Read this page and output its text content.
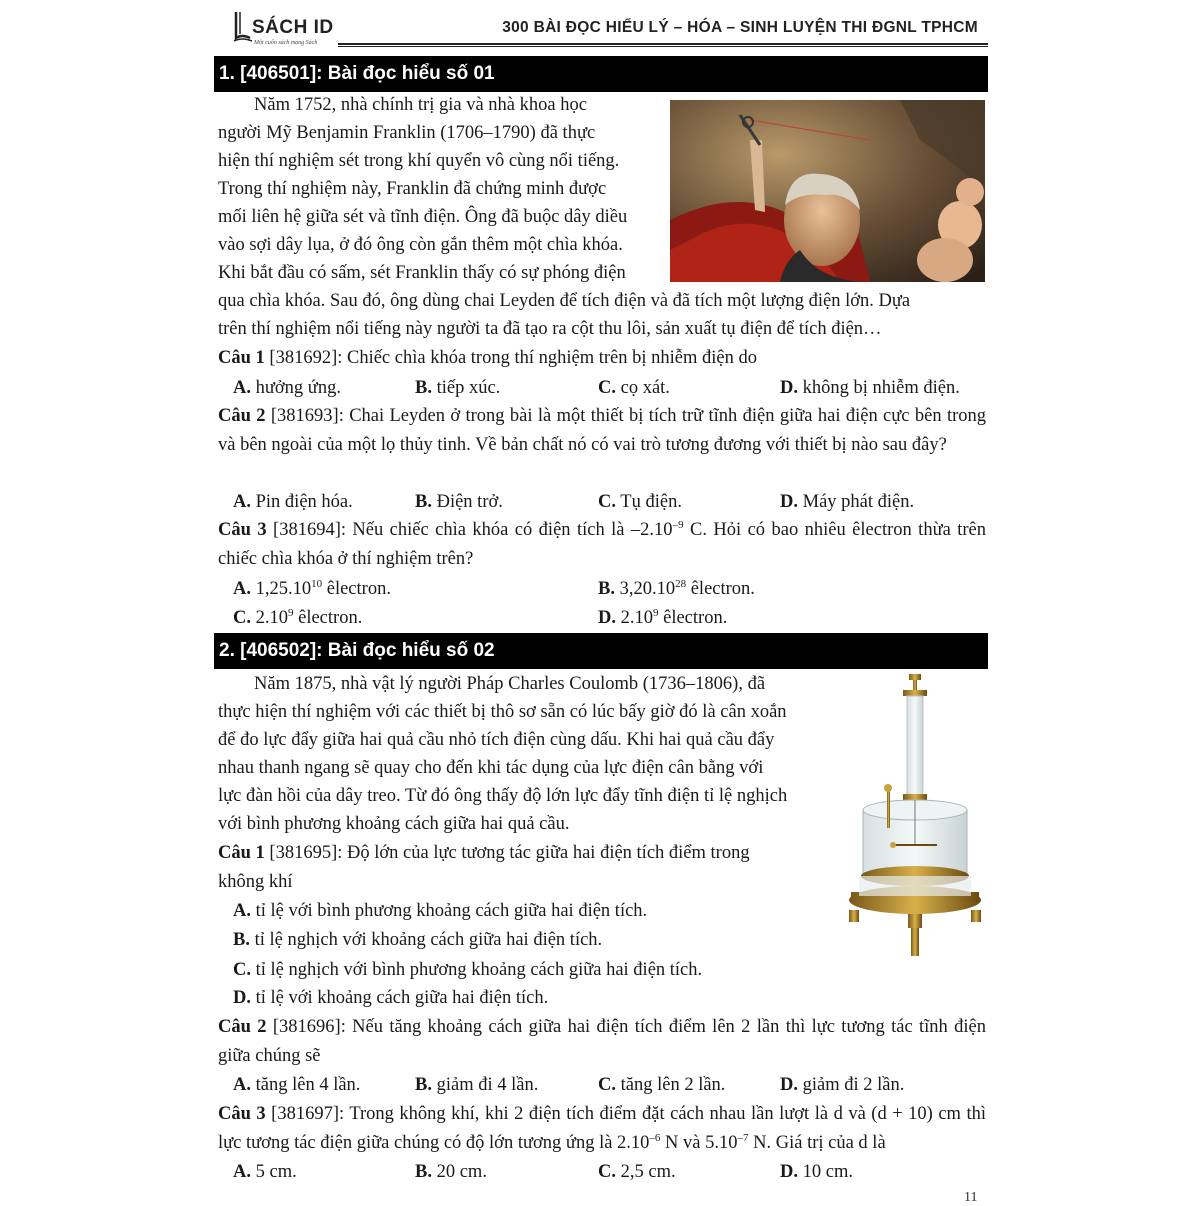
SÁCH ID
Một cuốn sách mạng Sách
300 BÀI ĐỌC HIỂU LÝ – HÓA – SINH LUYỆN THI ĐGNL TPHCM
1. [406501]: Bài đọc hiểu số 01
Năm 1752, nhà chính trị gia và nhà khoa học
người Mỹ Benjamin Franklin (1706–1790) đã thực
hiện thí nghiệm sét trong khí quyển vô cùng nổi tiếng.
Trong thí nghiệm này, Franklin đã chứng minh được
mối liên hệ giữa sét và tĩnh điện. Ông đã buộc dây diều
vào sợi dây lụa, ở đó ông còn gắn thêm một chìa khóa.
Khi bắt đầu có sấm, sét Franklin thấy có sự phóng điện
qua chìa khóa. Sau đó, ông dùng chai Leyden để tích điện và đã tích một lượng điện lớn. Dựa
trên thí nghiệm nổi tiếng này người ta đã tạo ra cột thu lôi, sản xuất tụ điện để tích điện…

Câu 1 [381692]: Chiếc chìa khóa trong thí nghiệm trên bị nhiễm điện do

A. hưởng ứng.	B. tiếp xúc.	C. cọ xát.	D. không bị nhiễm điện.

Câu 2 [381693]: Chai Leyden ở trong bài là một thiết bị tích trữ tĩnh điện giữa hai điện cực bên trong và bên ngoài của một lọ thủy tinh. Về bản chất nó có vai trò tương đương với thiết bị nào sau đây?

A. Pin điện hóa.	B. Điện trở.	C. Tụ điện.	D. Máy phát điện.

Câu 3 [381694]: Nếu chiếc chìa khóa có điện tích là $-2.10^{-9}$ C. Hỏi có bao nhiêu êlectron thừa trên chiếc chìa khóa ở thí nghiệm trên?

A. 1,25.10$^{10}$ êlectron.	B. 3,20.10$^{28}$ êlectron.
C. 2.10$^9$ êlectron.	D. 2.10$^9$ êlectron.
2. [406502]: Bài đọc hiểu số 02
Năm 1875, nhà vật lý người Pháp Charles Coulomb (1736–1806), đã
thực hiện thí nghiệm với các thiết bị thô sơ sẵn có lúc bấy giờ đó là cân xoắn
để đo lực đẩy giữa hai quả cầu nhỏ tích điện cùng dấu. Khi hai quả cầu đẩy
nhau thanh ngang sẽ quay cho đến khi tác dụng của lực điện cân bằng với
lực đàn hồi của dây treo. Từ đó ông thấy độ lớn lực đẩy tĩnh điện tỉ lệ nghịch
với bình phương khoảng cách giữa hai quả cầu.

Câu 1 [381695]: Độ lớn của lực tương tác giữa hai điện tích điểm trong
không khí

A. tỉ lệ với bình phương khoảng cách giữa hai điện tích.
B. tỉ lệ nghịch với khoảng cách giữa hai điện tích.
C. tỉ lệ nghịch với bình phương khoảng cách giữa hai điện tích.
D. tỉ lệ với khoảng cách giữa hai điện tích.

Câu 2 [381696]: Nếu tăng khoảng cách giữa hai điện tích điểm lên 2 lần thì lực tương tác tĩnh điện giữa chúng sẽ

A. tăng lên 4 lần.	B. giảm đi 4 lần.	C. tăng lên 2 lần.	D. giảm đi 2 lần.

Câu 3 [381697]: Trong không khí, khi 2 điện tích điểm đặt cách nhau lần lượt là d và (d + 10) cm thì lực tương tác điện giữa chúng có độ lớn tương ứng là $2.10^{-6}$ N và $5.10^{-7}$ N. Giá trị của d là

A. 5 cm.	B. 20 cm.	C. 2,5 cm.	D. 10 cm.
11
